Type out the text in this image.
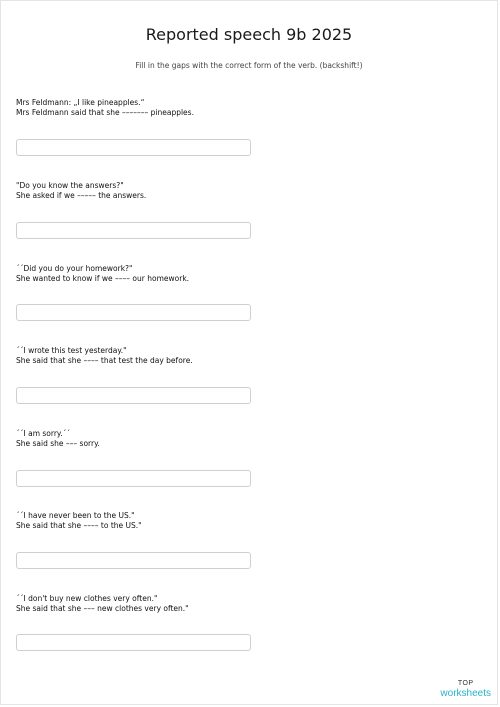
Reported speech 9b 2025
Fill in the gaps with the correct form of the verb. (backshift!)
Mrs Feldmann: „I like pineapples.“
Mrs Feldmann said that she ––––––– pineapples.
"Do you know the answers?"
She asked if we ––––– the answers.
´´Did you do your homework?"
She wanted to know if we –––– our homework.
´´I wrote this test yesterday."
She said that she –––– that test the day before.
´´I am sorry.´´
She said she ––– sorry.
´´I have never been to the US."
She said that she –––– to the US."
´´I don't buy new clothes very often."
She said that she ––– new clothes very often."
TOP
worksheets
